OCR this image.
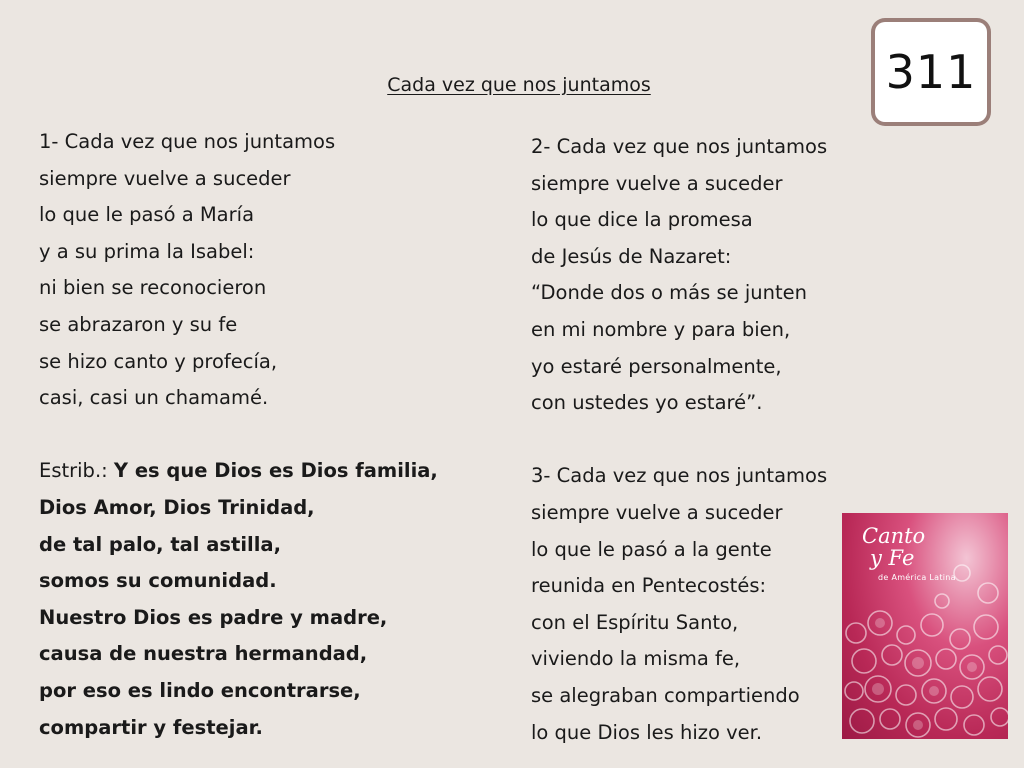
Cada vez que nos juntamos	311
1- Cada vez que nos juntamos
siempre vuelve a suceder
lo que le pasó a María
y a su prima la Isabel:
ni bien se reconocieron
se abrazaron y su fe
se hizo canto y profecía,
casi, casi un chamamé.
Estrib.: Y es que Dios es Dios familia,
Dios Amor, Dios Trinidad,
de tal palo, tal astilla,
somos su comunidad.
Nuestro Dios es padre y madre,
causa de nuestra hermandad,
por eso es lindo encontrarse,
compartir y festejar.
2- Cada vez que nos juntamos
siempre vuelve a suceder
lo que dice la promesa
de Jesús de Nazaret:
“Donde dos o más se junten
en mi nombre y para bien,
yo estaré personalmente,
con ustedes yo estaré”.
3- Cada vez que nos juntamos
siempre vuelve a suceder
lo que le pasó a la gente
reunida en Pentecostés:
con el Espíritu Santo,
viviendo la misma fe,
se alegraban compartiendo
lo que Dios les hizo ver.
Canto
y Fe
de América Latina
